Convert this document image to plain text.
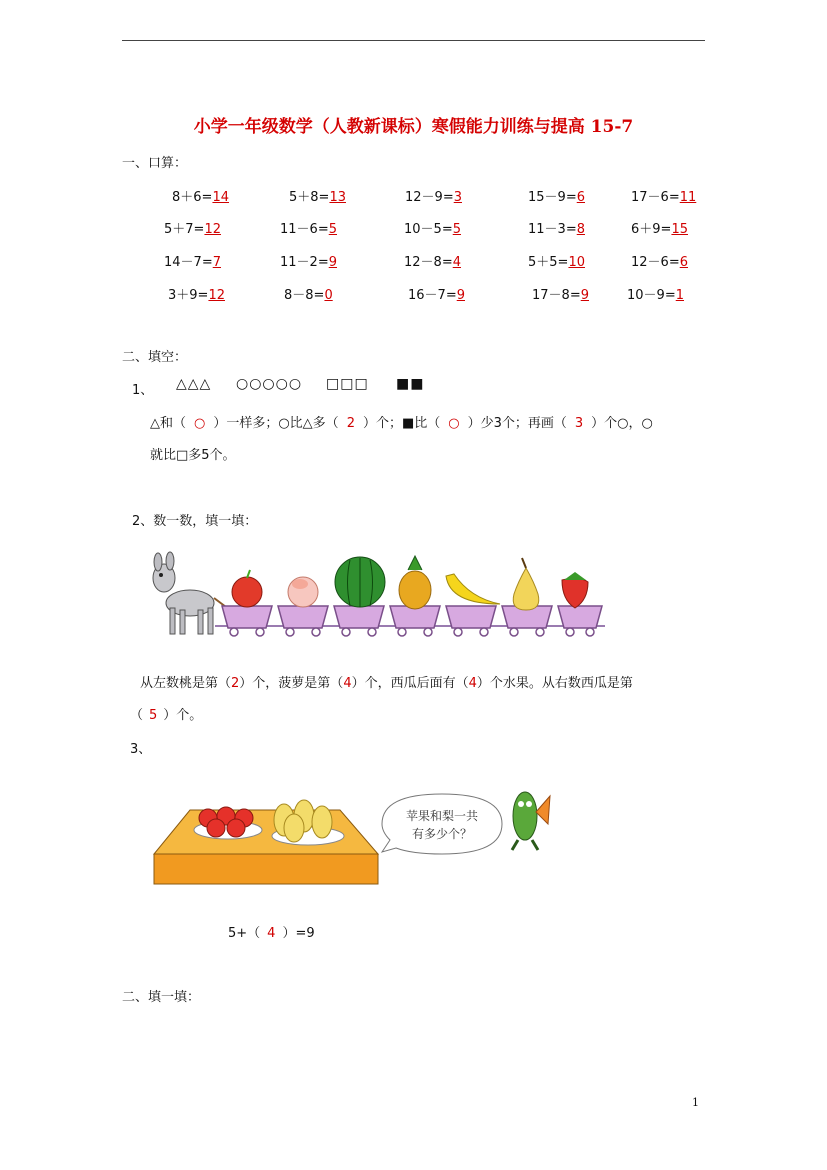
小学一年级数学（人教新课标）寒假能力训练与提高 15-7
一、口算：
8＋6=14	5＋8=13	12－9=3	15－9=6	17－6=11
5＋7=12	11－6=5	10－5=5	11－3=8	6＋9=15
14－7=7	11－2=9	12－8=4	5＋5=10	12－6=6
3＋9=12	8－8=0	16－7=9	17－8=9	10－9=1
二、填空：
1、 △△△ ○○○○○ □□□ ■■
△和（ ○ ）一样多；○比△多（ 2 ）个；■比（ ○ ）少3个；再画（ 3 ）个○，○
就比□多5个。
2、数一数，填一填：
从左数桃是第（2）个，菠萝是第（4）个，西瓜后面有（4）个水果。从右数西瓜是第
（ 5 ）个。
3、
苹果和梨一共
有多少个？
5+（ 4 ）=9
二、填一填：
1
